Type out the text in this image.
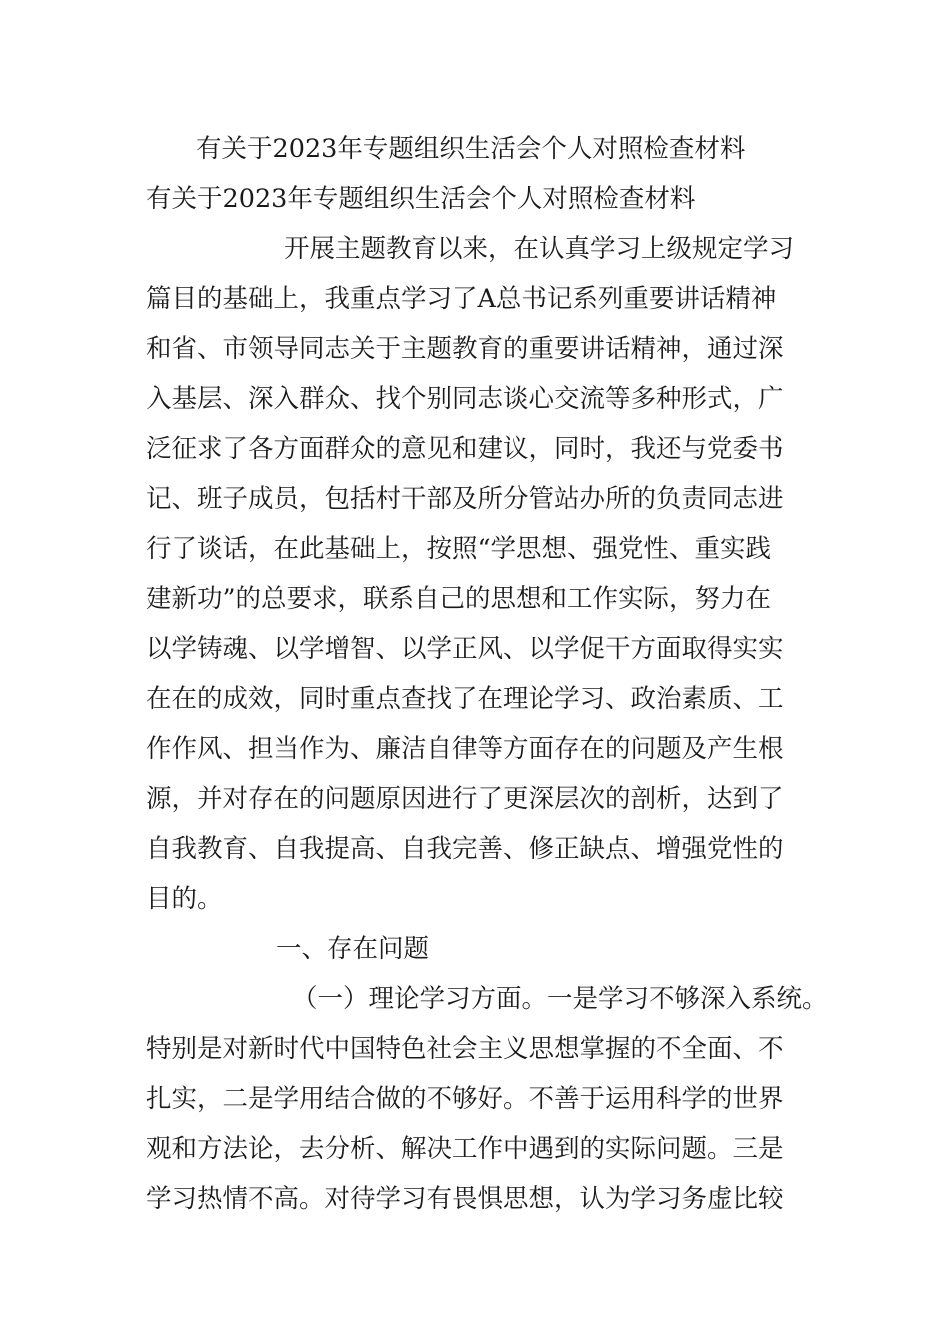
有关于2023年专题组织生活会个人对照检查材料
有关于2023年专题组织生活会个人对照检查材料
开展主题教育以来，在认真学习上级规定学习
篇目的基础上，我重点学习了A总书记系列重要讲话精神
和省、市领导同志关于主题教育的重要讲话精神，通过深
入基层、深入群众、找个别同志谈心交流等多种形式，广
泛征求了各方面群众的意见和建议，同时，我还与党委书
记、班子成员，包括村干部及所分管站办所的负责同志进
行了谈话，在此基础上，按照“学思想、强党性、重实践
建新功”的总要求，联系自己的思想和工作实际，努力在
以学铸魂、以学增智、以学正风、以学促干方面取得实实
在在的成效，同时重点查找了在理论学习、政治素质、工
作作风、担当作为、廉洁自律等方面存在的问题及产生根
源，并对存在的问题原因进行了更深层次的剖析，达到了
自我教育、自我提高、自我完善、修正缺点、增强党性的
目的。
一、存在问题
（一）理论学习方面。一是学习不够深入系统。
特别是对新时代中国特色社会主义思想掌握的不全面、不
扎实，二是学用结合做的不够好。不善于运用科学的世界
观和方法论，去分析、解决工作中遇到的实际问题。三是
学习热情不高。对待学习有畏惧思想，认为学习务虚比较
